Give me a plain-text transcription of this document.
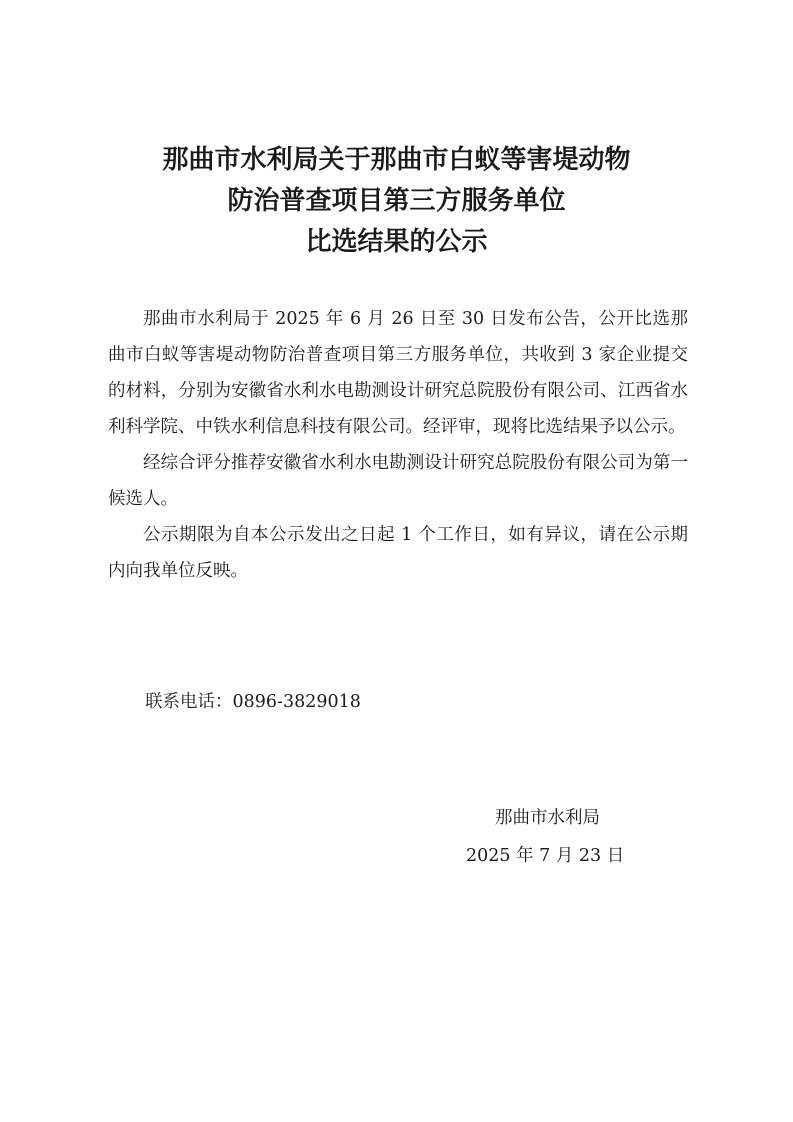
那曲市水利局关于那曲市白蚁等害堤动物
防治普查项目第三方服务单位
比选结果的公示

那曲市水利局于 2025 年 6 月 26 日至 30 日发布公告，公开比选那曲市白蚁等害堤动物防治普查项目第三方服务单位，共收到 3 家企业提交的材料，分别为安徽省水利水电勘测设计研究总院股份有限公司、江西省水利科学院、中铁水利信息科技有限公司。经评审，现将比选结果予以公示。

经综合评分推荐安徽省水利水电勘测设计研究总院股份有限公司为第一候选人。

公示期限为自本公示发出之日起 1 个工作日，如有异议，请在公示期内向我单位反映。

联系电话：0896-3829018
那曲市水利局
2025 年 7 月 23 日
